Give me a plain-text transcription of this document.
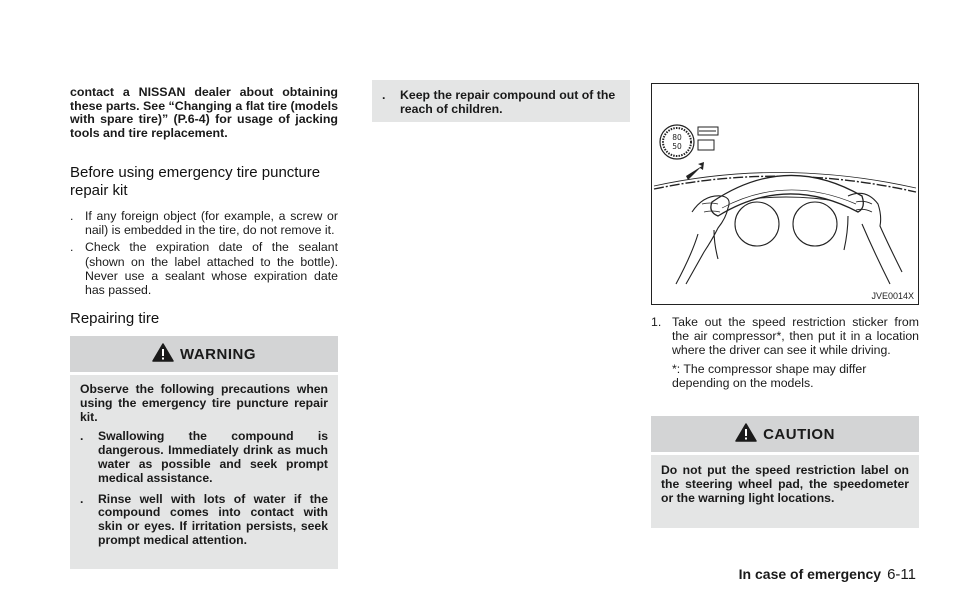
contact a NISSAN dealer about obtaining these parts. See “Changing a flat tire (models with spare tire)” (P.6-4) for usage of jacking tools and tire replacement.

Before using emergency tire puncture repair kit
. If any foreign object (for example, a screw or nail) is embedded in the tire, do not remove it.
. Check the expiration date of the sealant (shown on the label attached to the bottle). Never use a sealant whose expiration date has passed.
Repairing tire
WARNING

Observe the following precautions when using the emergency tire puncture repair kit.

. Swallowing the compound is dangerous. Immediately drink as much water as possible and seek prompt medical assistance.
. Rinse well with lots of water if the compound comes into contact with skin or eyes. If irritation persists, seek prompt medical attention.
.	Keep the repair compound out of the reach of children.
80
50
JVE0014X
1. Take out the speed restriction sticker from the air compressor*, then put it in a location where the driver can see it while driving.
*: The compressor shape may differ depending on the models.
CAUTION
Do not put the speed restriction label on the steering wheel pad, the speedometer or the warning light locations.
In case of emergency 6-11
